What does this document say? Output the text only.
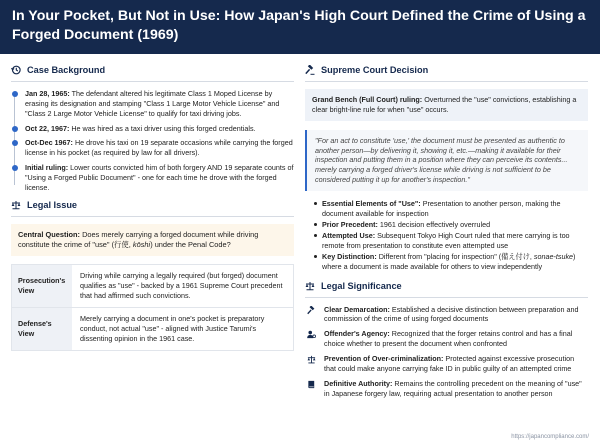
In Your Pocket, But Not in Use: How Japan's High Court Defined the Crime of Using a Forged Document (1969)
Case Background
Jan 28, 1965: The defendant altered his legitimate Class 1 Moped License by erasing its designation and stamping "Class 1 Large Motor Vehicle License" and "Class 2 Large Motor Vehicle License" to qualify for taxi driving jobs.
Oct 22, 1967: He was hired as a taxi driver using this forged credentials.
Oct-Dec 1967: He drove his taxi on 19 separate occasions while carrying the forged license in his pocket (as required by law for all drivers).
Initial ruling: Lower courts convicted him of both forgery AND 19 separate counts of "Using a Forged Public Document" - one for each time he drove with the forged license.
Legal Issue
Central Question: Does merely carrying a forged document while driving constitute the crime of "use" (行使, kōshi) under the Penal Code?
Prosecution's View
Driving while carrying a legally required (but forged) document qualifies as "use" - backed by a 1961 Supreme Court precedent that had affirmed such convictions.
Defense's View
Merely carrying a document in one's pocket is preparatory conduct, not actual "use" - aligned with Justice Tarumi's dissenting opinion in the 1961 case.
Supreme Court Decision
Grand Bench (Full Court) ruling: Overturned the "use" convictions, establishing a clear bright-line rule for when "use" occurs.
"For an act to constitute 'use,' the document must be presented as authentic to another person—by delivering it, showing it, etc.—making it available for their inspection and putting them in a position where they can perceive its contents... merely carrying a forged driver's license while driving is not sufficient to be considered putting it up for another's inspection."
Essential Elements of "Use": Presentation to another person, making the document available for inspection
Prior Precedent: 1961 decision effectively overruled
Attempted Use: Subsequent Tokyo High Court ruled that mere carrying is too remote from presentation to constitute even attempted use
Key Distinction: Different from "placing for inspection" (備え付け, sonae-tsuke) where a document is made available for others to view independently
Legal Significance
Clear Demarcation: Established a decisive distinction between preparation and commission of the crime of using forged documents
Offender's Agency: Recognized that the forger retains control and has a final choice whether to present the document when confronted
Prevention of Over-criminalization: Protected against excessive prosecution that could make anyone carrying fake ID in public guilty of an attempted crime
Definitive Authority: Remains the controlling precedent on the meaning of "use" in Japanese forgery law, requiring actual presentation to another person
https://japancompliance.com/
